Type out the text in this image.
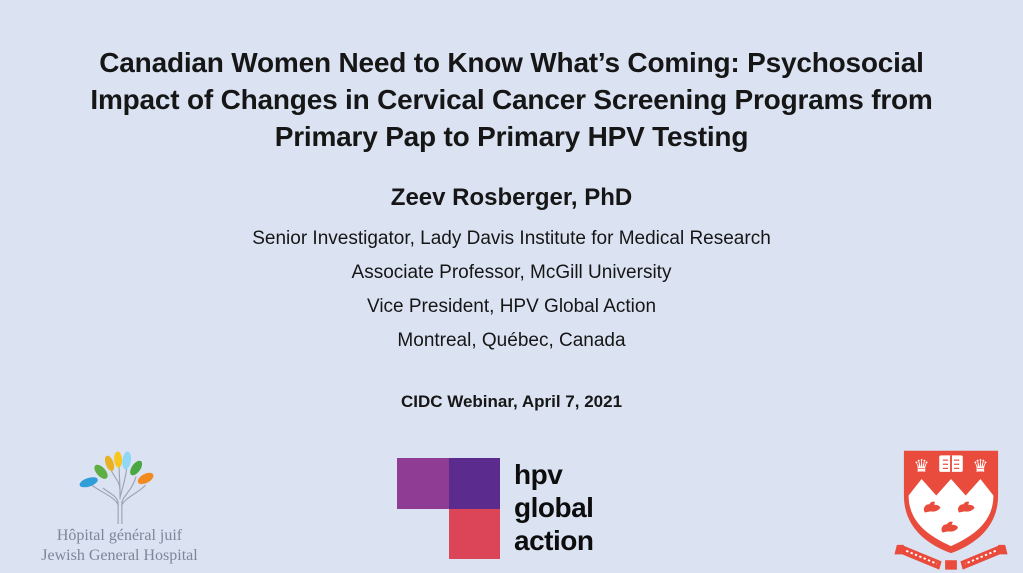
Canadian Women Need to Know What’s Coming: Psychosocial
Impact of Changes in Cervical Cancer Screening Programs from
Primary Pap to Primary HPV Testing
Zeev Rosberger, PhD
Senior Investigator, Lady Davis Institute for Medical Research
Associate Professor, McGill University
Vice President, HPV Global Action
Montreal, Québec, Canada
CIDC Webinar, April 7, 2021
Hôpital général juif
Jewish General Hospital
hpv
global
action
♛	♛
